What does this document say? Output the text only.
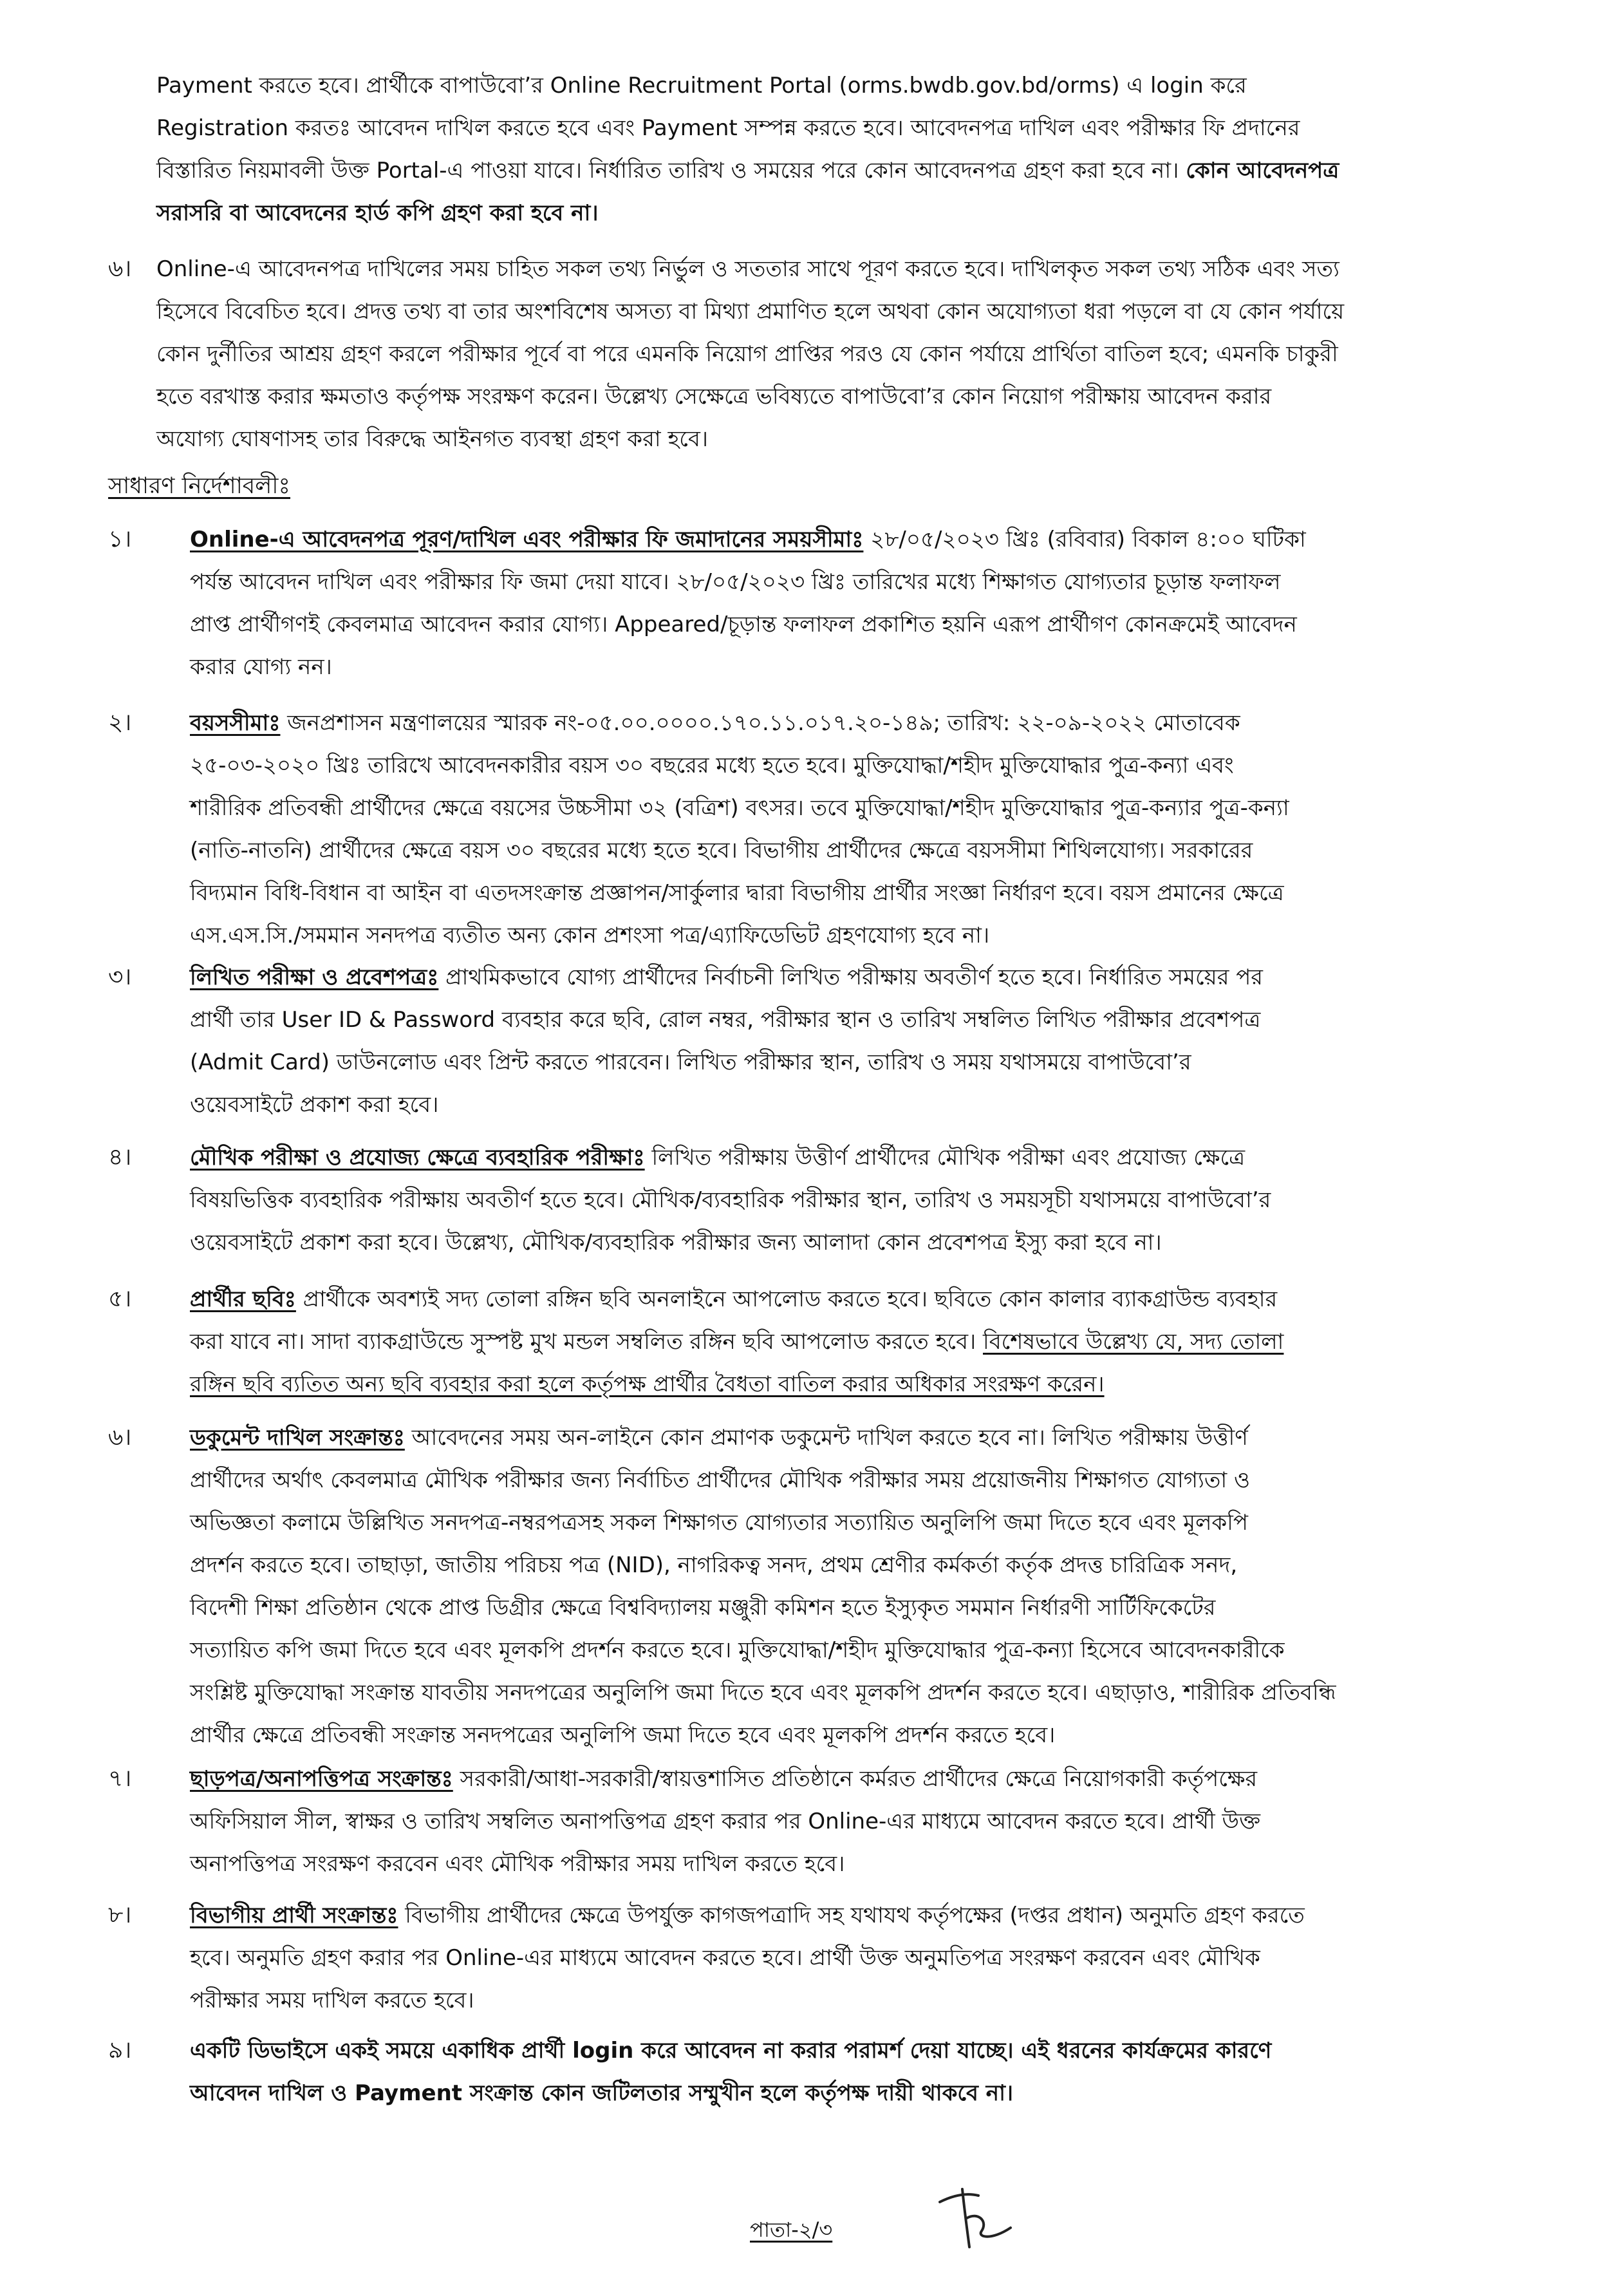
Payment করতে হবে। প্রার্থীকে বাপাউবো’র Online Recruitment Portal (orms.bwdb.gov.bd/orms) এ login করে

Registration করতঃ আবেদন দাখিল করতে হবে এবং Payment সম্পন্ন করতে হবে। আবেদনপত্র দাখিল এবং পরীক্ষার ফি প্রদানের

বিস্তারিত নিয়মাবলী উক্ত Portal-এ পাওয়া যাবে। নির্ধারিত তারিখ ও সময়ের পরে কোন আবেদনপত্র গ্রহণ করা হবে না। কোন আবেদনপত্র

সরাসরি বা আবেদনের হার্ড কপি গ্রহণ করা হবে না।

৬। Online-এ আবেদনপত্র দাখিলের সময় চাহিত সকল তথ্য নির্ভুল ও সততার সাথে পূরণ করতে হবে। দাখিলকৃত সকল তথ্য সঠিক এবং সত্য

হিসেবে বিবেচিত হবে। প্রদত্ত তথ্য বা তার অংশবিশেষ অসত্য বা মিথ্যা প্রমাণিত হলে অথবা কোন অযোগ্যতা ধরা পড়লে বা যে কোন পর্যায়ে

কোন দুর্নীতির আশ্রয় গ্রহণ করলে পরীক্ষার পূর্বে বা পরে এমনকি নিয়োগ প্রাপ্তির পরও যে কোন পর্যায়ে প্রার্থিতা বাতিল হবে; এমনকি চাকুরী

হতে বরখাস্ত করার ক্ষমতাও কর্তৃপক্ষ সংরক্ষণ করেন। উল্লেখ্য সেক্ষেত্রে ভবিষ্যতে বাপাউবো’র কোন নিয়োগ পরীক্ষায় আবেদন করার

অযোগ্য ঘোষণাসহ তার বিরুদ্ধে আইনগত ব্যবস্থা গ্রহণ করা হবে।

সাধারণ নির্দেশাবলীঃ
১।	Online-এ আবেদনপত্র পূরণ/দাখিল এবং পরীক্ষার ফি জমাদানের সময়সীমাঃ ২৮/০৫/২০২৩ খ্রিঃ (রবিবার) বিকাল ৪:০০ ঘটিকা

পর্যন্ত আবেদন দাখিল এবং পরীক্ষার ফি জমা দেয়া যাবে। ২৮/০৫/২০২৩ খ্রিঃ তারিখের মধ্যে শিক্ষাগত যোগ্যতার চূড়ান্ত ফলাফল

প্রাপ্ত প্রার্থীগণই কেবলমাত্র আবেদন করার যোগ্য। Appeared/চূড়ান্ত ফলাফল প্রকাশিত হয়নি এরূপ প্রার্থীগণ কোনক্রমেই আবেদন

করার যোগ্য নন।

২।	বয়সসীমাঃ জনপ্রশাসন মন্ত্রণালয়ের স্মারক নং-০৫.০০.০০০০.১৭০.১১.০১৭.২০-১৪৯; তারিখ: ২২-০৯-২০২২ মোতাবেক

২৫-০৩-২০২০ খ্রিঃ তারিখে আবেদনকারীর বয়স ৩০ বছরের মধ্যে হতে হবে। মুক্তিযোদ্ধা/শহীদ মুক্তিযোদ্ধার পুত্র-কন্যা এবং

শারীরিক প্রতিবন্ধী প্রার্থীদের ক্ষেত্রে বয়সের উচ্চসীমা ৩২ (বত্রিশ) বৎসর। তবে মুক্তিযোদ্ধা/শহীদ মুক্তিযোদ্ধার পুত্র-কন্যার পুত্র-কন্যা

(নাতি-নাতনি) প্রার্থীদের ক্ষেত্রে বয়স ৩০ বছরের মধ্যে হতে হবে। বিভাগীয় প্রার্থীদের ক্ষেত্রে বয়সসীমা শিথিলযোগ্য। সরকারের

বিদ্যমান বিধি-বিধান বা আইন বা এতদসংক্রান্ত প্রজ্ঞাপন/সার্কুলার দ্বারা বিভাগীয় প্রার্থীর সংজ্ঞা নির্ধারণ হবে। বয়স প্রমানের ক্ষেত্রে

এস.এস.সি./সমমান সনদপত্র ব্যতীত অন্য কোন প্রশংসা পত্র/এ্যাফিডেভিট গ্রহণযোগ্য হবে না।

৩।	লিখিত পরীক্ষা ও প্রবেশপত্রঃ প্রাথমিকভাবে যোগ্য প্রার্থীদের নির্বাচনী লিখিত পরীক্ষায় অবতীর্ণ হতে হবে। নির্ধারিত সময়ের পর

প্রার্থী তার User ID & Password ব্যবহার করে ছবি, রোল নম্বর, পরীক্ষার স্থান ও তারিখ সম্বলিত লিখিত পরীক্ষার প্রবেশপত্র

(Admit Card) ডাউনলোড এবং প্রিন্ট করতে পারবেন। লিখিত পরীক্ষার স্থান, তারিখ ও সময় যথাসময়ে বাপাউবো’র

ওয়েবসাইটে প্রকাশ করা হবে।

৪।	মৌখিক পরীক্ষা ও প্রযোজ্য ক্ষেত্রে ব্যবহারিক পরীক্ষাঃ লিখিত পরীক্ষায় উত্তীর্ণ প্রার্থীদের মৌখিক পরীক্ষা এবং প্রযোজ্য ক্ষেত্রে

বিষয়ভিত্তিক ব্যবহারিক পরীক্ষায় অবতীর্ণ হতে হবে। মৌখিক/ব্যবহারিক পরীক্ষার স্থান, তারিখ ও সময়সূচী যথাসময়ে বাপাউবো’র

ওয়েবসাইটে প্রকাশ করা হবে। উল্লেখ্য, মৌখিক/ব্যবহারিক পরীক্ষার জন্য আলাদা কোন প্রবেশপত্র ইস্যু করা হবে না।

৫।	প্রার্থীর ছবিঃ প্রার্থীকে অবশ্যই সদ্য তোলা রঙ্গিন ছবি অনলাইনে আপলোড করতে হবে। ছবিতে কোন কালার ব্যাকগ্রাউন্ড ব্যবহার

করা যাবে না। সাদা ব্যাকগ্রাউন্ডে সুস্পষ্ট মুখ মন্ডল সম্বলিত রঙ্গিন ছবি আপলোড করতে হবে। বিশেষভাবে উল্লেখ্য যে, সদ্য তোলা

রঙ্গিন ছবি ব্যতিত অন্য ছবি ব্যবহার করা হলে কর্তৃপক্ষ প্রার্থীর বৈধতা বাতিল করার অধিকার সংরক্ষণ করেন।

৬।	ডকুমেন্ট দাখিল সংক্রান্তঃ আবেদনের সময় অন-লাইনে কোন প্রমাণক ডকুমেন্ট দাখিল করতে হবে না। লিখিত পরীক্ষায় উত্তীর্ণ

প্রার্থীদের অর্থাৎ কেবলমাত্র মৌখিক পরীক্ষার জন্য নির্বাচিত প্রার্থীদের মৌখিক পরীক্ষার সময় প্রয়োজনীয় শিক্ষাগত যোগ্যতা ও

অভিজ্ঞতা কলামে উল্লিখিত সনদপত্র-নম্বরপত্রসহ সকল শিক্ষাগত যোগ্যতার সত্যায়িত অনুলিপি জমা দিতে হবে এবং মূলকপি

প্রদর্শন করতে হবে। তাছাড়া, জাতীয় পরিচয় পত্র (NID), নাগরিকত্ব সনদ, প্রথম শ্রেণীর কর্মকর্তা কর্তৃক প্রদত্ত চারিত্রিক সনদ,

বিদেশী শিক্ষা প্রতিষ্ঠান থেকে প্রাপ্ত ডিগ্রীর ক্ষেত্রে বিশ্ববিদ্যালয় মঞ্জুরী কমিশন হতে ইস্যুকৃত সমমান নির্ধারণী সার্টিফিকেটের

সত্যায়িত কপি জমা দিতে হবে এবং মূলকপি প্রদর্শন করতে হবে। মুক্তিযোদ্ধা/শহীদ মুক্তিযোদ্ধার পুত্র-কন্যা হিসেবে আবেদনকারীকে

সংশ্লিষ্ট মুক্তিযোদ্ধা সংক্রান্ত যাবতীয় সনদপত্রের অনুলিপি জমা দিতে হবে এবং মূলকপি প্রদর্শন করতে হবে। এছাড়াও, শারীরিক প্রতিবন্ধি

প্রার্থীর ক্ষেত্রে প্রতিবন্ধী সংক্রান্ত সনদপত্রের অনুলিপি জমা দিতে হবে এবং মূলকপি প্রদর্শন করতে হবে।

৭।	ছাড়পত্র/অনাপত্তিপত্র সংক্রান্তঃ সরকারী/আধা-সরকারী/স্বায়ত্তশাসিত প্রতিষ্ঠানে কর্মরত প্রার্থীদের ক্ষেত্রে নিয়োগকারী কর্তৃপক্ষের

অফিসিয়াল সীল, স্বাক্ষর ও তারিখ সম্বলিত অনাপত্তিপত্র গ্রহণ করার পর Online-এর মাধ্যমে আবেদন করতে হবে। প্রার্থী উক্ত

অনাপত্তিপত্র সংরক্ষণ করবেন এবং মৌখিক পরীক্ষার সময় দাখিল করতে হবে।

৮।	বিভাগীয় প্রার্থী সংক্রান্তঃ বিভাগীয় প্রার্থীদের ক্ষেত্রে উপর্যুক্ত কাগজপত্রাদি সহ যথাযথ কর্তৃপক্ষের (দপ্তর প্রধান) অনুমতি গ্রহণ করতে

হবে। অনুমতি গ্রহণ করার পর Online-এর মাধ্যমে আবেদন করতে হবে। প্রার্থী উক্ত অনুমতিপত্র সংরক্ষণ করবেন এবং মৌখিক

পরীক্ষার সময় দাখিল করতে হবে।

৯।	একটি ডিভাইসে একই সময়ে একাধিক প্রার্থী login করে আবেদন না করার পরামর্শ দেয়া যাচ্ছে। এই ধরনের কার্যক্রমের কারণে

আবেদন দাখিল ও Payment সংক্রান্ত কোন জটিলতার সম্মুখীন হলে কর্তৃপক্ষ দায়ী থাকবে না।

পাতা-২/৩
